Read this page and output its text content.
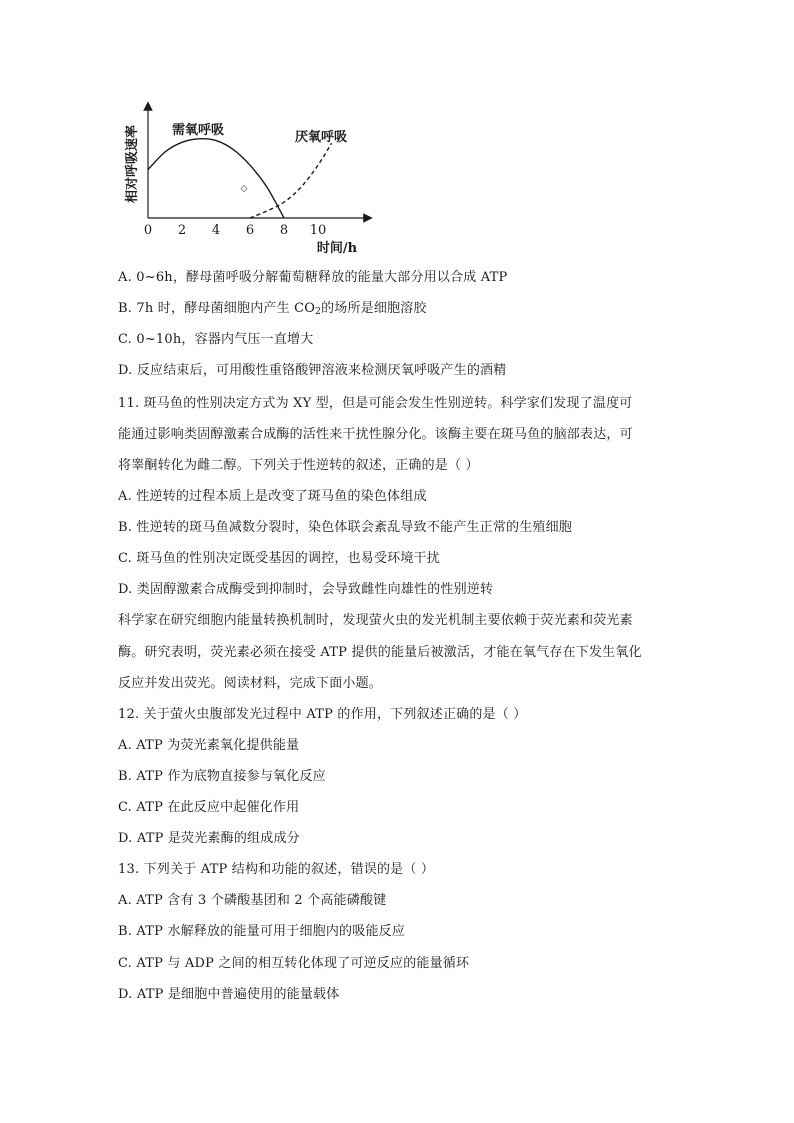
相对呼吸速率
时间/h
0 2 4 6 8 10
需氧呼吸	厌氧呼吸
◇
A. 0~6h，酵母菌呼吸分解葡萄糖释放的能量大部分用以合成 ATP
B. 7h 时，酵母菌细胞内产生 $CO_2$的场所是细胞溶胶
C. 0~10h，容器内气压一直增大
D. 反应结束后，可用酸性重铬酸钾溶液来检测厌氧呼吸产生的酒精
11. 斑马鱼的性别决定方式为 XY 型，但是可能会发生性别逆转。科学家们发现了温度可
能通过影响类固醇激素合成酶的活性来干扰性腺分化。该酶主要在斑马鱼的脑部表达，可
将睾酮转化为雌二醇。下列关于性逆转的叙述，正确的是（ ）
A. 性逆转的过程本质上是改变了斑马鱼的染色体组成
B. 性逆转的斑马鱼减数分裂时，染色体联会紊乱导致不能产生正常的生殖细胞
C. 斑马鱼的性别决定既受基因的调控，也易受环境干扰
D. 类固醇激素合成酶受到抑制时，会导致雌性向雄性的性别逆转
科学家在研究细胞内能量转换机制时，发现萤火虫的发光机制主要依赖于荧光素和荧光素
酶。研究表明，荧光素必须在接受 ATP 提供的能量后被激活，才能在氧气存在下发生氧化
反应并发出荧光。阅读材料，完成下面小题。
12. 关于萤火虫腹部发光过程中 ATP 的作用，下列叙述正确的是（ ）
A. ATP 为荧光素氧化提供能量
B. ATP 作为底物直接参与氧化反应
C. ATP 在此反应中起催化作用
D. ATP 是荧光素酶的组成成分
13. 下列关于 ATP 结构和功能的叙述，错误的是（ ）
A. ATP 含有 3 个磷酸基团和 2 个高能磷酸键
B. ATP 水解释放的能量可用于细胞内的吸能反应
C. ATP 与 ADP 之间的相互转化体现了可逆反应的能量循环
D. ATP 是细胞中普遍使用的能量载体
